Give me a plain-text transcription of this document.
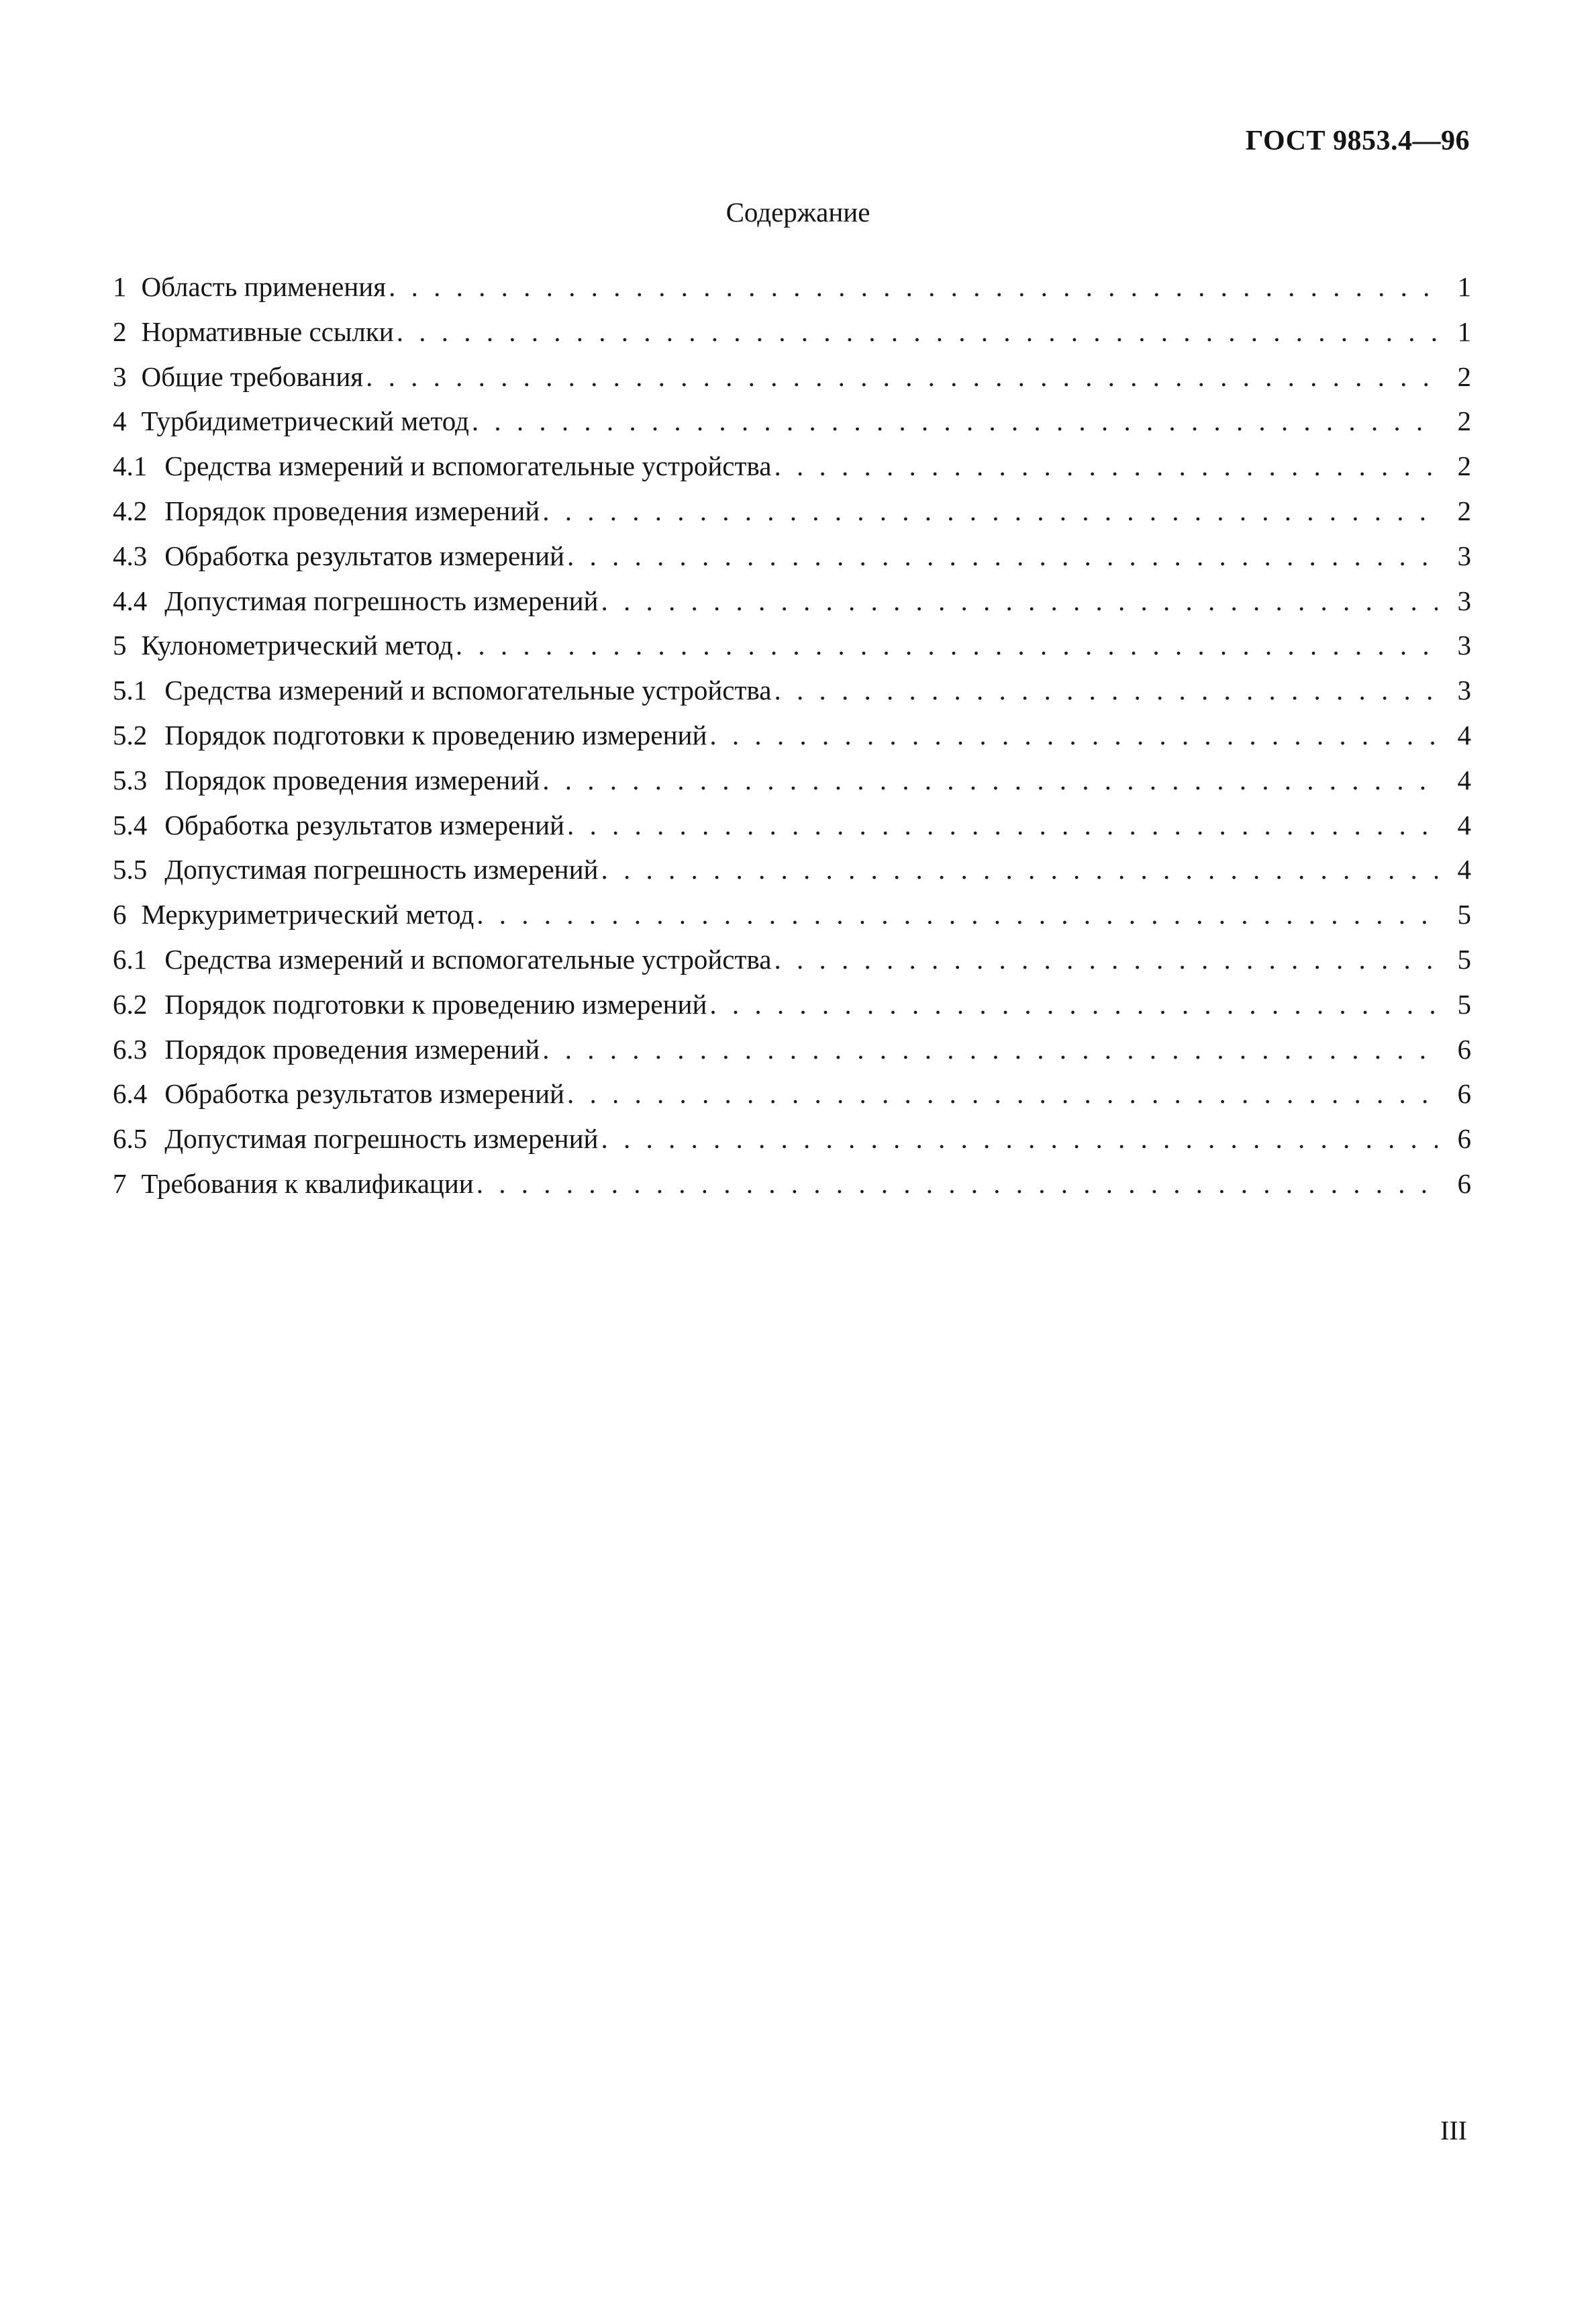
ГОСТ 9853.4—96
Содержание
1 Область применения . . .	1
2 Нормативные ссылки . . .	1
3 Общие требования . . .	2
4 Турбидиметрический метод . . .	2
4.1 Средства измерений и вспомогательные устройства . . .	2
4.2 Порядок проведения измерений . . .	2
4.3 Обработка результатов измерений . . .	3
4.4 Допустимая погрешность измерений . . .	3
5 Кулонометрический метод . . .	3
5.1 Средства измерений и вспомогательные устройства . . .	3
5.2 Порядок подготовки к проведению измерений . . .	4
5.3 Порядок проведения измерений . . .	4
5.4 Обработка результатов измерений . . .	4
5.5 Допустимая погрешность измерений . . .	4
6 Меркуриметрический метод . . .	5
6.1 Средства измерений и вспомогательные устройства . . .	5
6.2 Порядок подготовки к проведению измерений . . .	5
6.3 Порядок проведения измерений . . .	6
6.4 Обработка результатов измерений . . .	6
6.5 Допустимая погрешность измерений . . .	6
7 Требования к квалификации . . .	6
III
